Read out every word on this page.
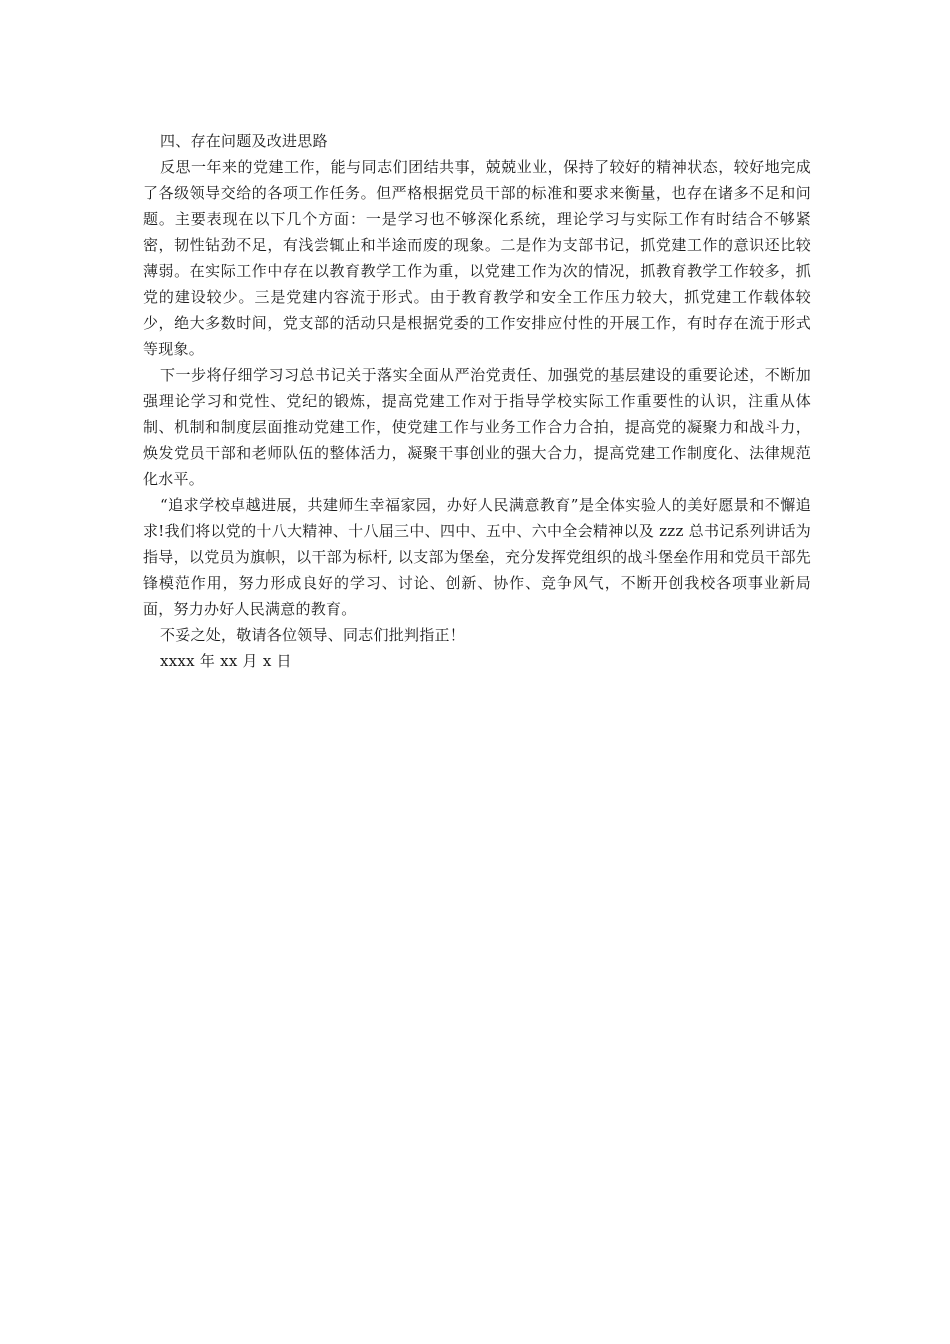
四、存在问题及改进思路

反思一年来的党建工作，能与同志们团结共事，兢兢业业，保持了较好的精神状态，较好地完成了各级领导交给的各项工作任务。但严格根据党员干部的标准和要求来衡量，也存在诸多不足和问题。主要表现在以下几个方面：一是学习也不够深化系统，理论学习与实际工作有时结合不够紧密，韧性钻劲不足，有浅尝辄止和半途而废的现象。二是作为支部书记，抓党建工作的意识还比较薄弱。在实际工作中存在以教育教学工作为重，以党建工作为次的情况，抓教育教学工作较多，抓党的建设较少。三是党建内容流于形式。由于教育教学和安全工作压力较大，抓党建工作载体较少，绝大多数时间，党支部的活动只是根据党委的工作安排应付性的开展工作，有时存在流于形式等现象。

下一步将仔细学习习总书记关于落实全面从严治党责任、加强党的基层建设的重要论述，不断加强理论学习和党性、党纪的锻炼，提高党建工作对于指导学校实际工作重要性的认识，注重从体制、机制和制度层面推动党建工作，使党建工作与业务工作合力合拍，提高党的凝聚力和战斗力，焕发党员干部和老师队伍的整体活力，凝聚干事创业的强大合力，提高党建工作制度化、法律规范化水平。

“追求学校卓越进展，共建师生幸福家园，办好人民满意教育”是全体实验人的美好愿景和不懈追求!我们将以党的十八大精神、十八届三中、四中、五中、六中全会精神以及 zzz 总书记系列讲话为指导，以党员为旗帜，以干部为标杆, 以支部为堡垒，充分发挥党组织的战斗堡垒作用和党员干部先锋模范作用，努力形成良好的学习、讨论、创新、协作、竞争风气，不断开创我校各项事业新局面，努力办好人民满意的教育。

不妥之处，敬请各位领导、同志们批判指正！

xxxx 年 xx 月 x 日
